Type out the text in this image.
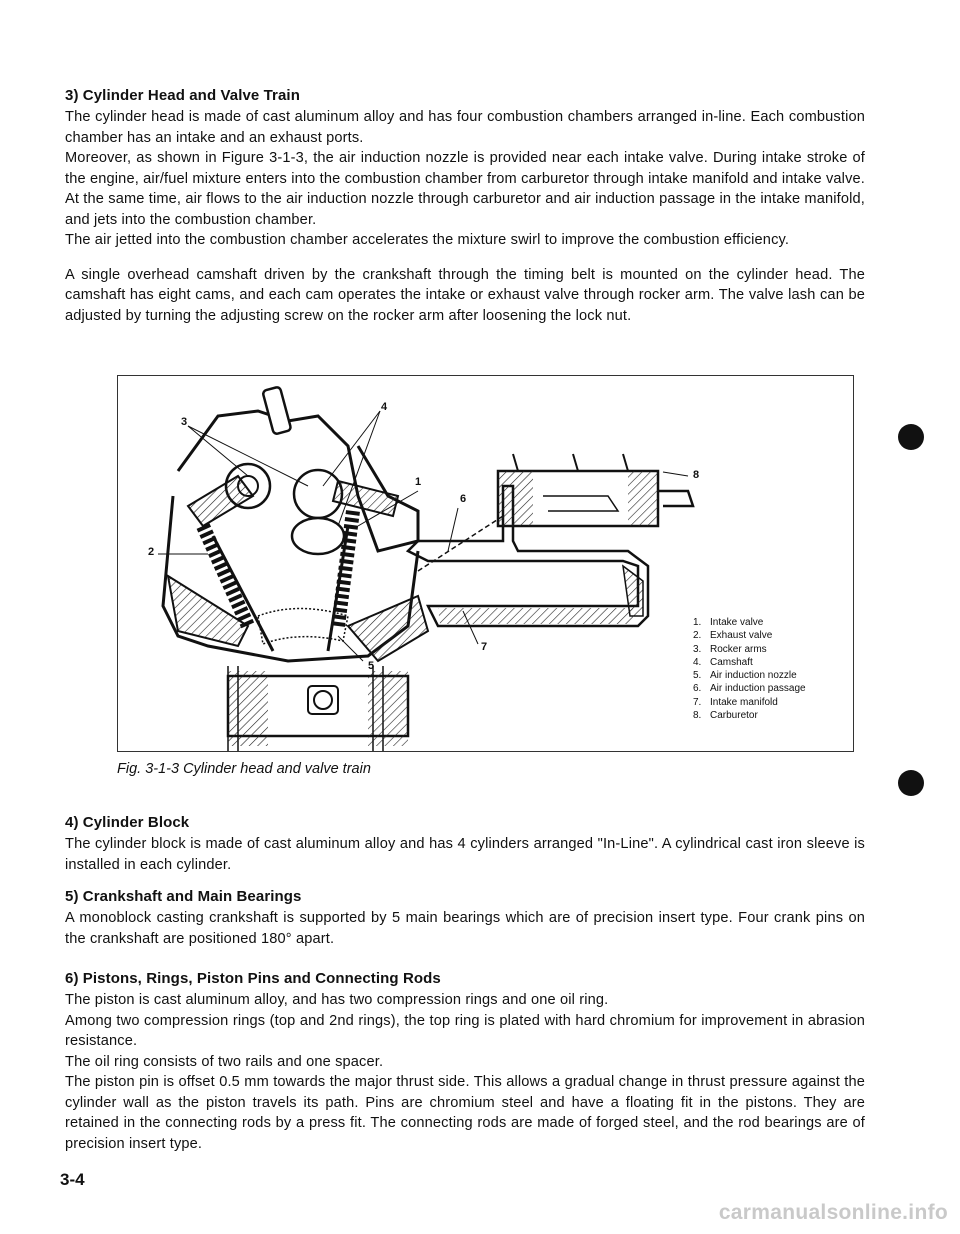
3) Cylinder Head and Valve Train

The cylinder head is made of cast aluminum alloy and has four combustion chambers arranged in-line. Each combustion chamber has an intake and an exhaust ports.

Moreover, as shown in Figure 3-1-3, the air induction nozzle is provided near each intake valve. During intake stroke of the engine, air/fuel mixture enters into the combustion chamber from carburetor through intake manifold and intake valve. At the same time, air flows to the air induction nozzle through carburetor and air induction passage in the intake manifold, and jets into the combustion chamber.

The air jetted into the combustion chamber accelerates the mixture swirl to improve the combustion efficiency.

A single overhead camshaft driven by the crankshaft through the timing belt is mounted on the cylinder head. The camshaft has eight cams, and each cam operates the intake or exhaust valve through rocker arm. The valve lash can be adjusted by turning the adjusting screw on the rocker arm after loosening the lock nut.

1
2
3
4
5
6
7
8
1. Intake valve
2. Exhaust valve
3. Rocker arms
4. Camshaft
5. Air induction nozzle
6. Air induction passage
7. Intake manifold
8. Carburetor
Fig. 3-1-3 Cylinder head and valve train
4) Cylinder Block

The cylinder block is made of cast aluminum alloy and has 4 cylinders arranged "In-Line". A cylindrical cast iron sleeve is installed in each cylinder.

5) Crankshaft and Main Bearings

A monoblock casting crankshaft is supported by 5 main bearings which are of precision insert type. Four crank pins on the crankshaft are positioned 180° apart.

6) Pistons, Rings, Piston Pins and Connecting Rods

The piston is cast aluminum alloy, and has two compression rings and one oil ring.

Among two compression rings (top and 2nd rings), the top ring is plated with hard chromium for improvement in abrasion resistance.

The oil ring consists of two rails and one spacer.

The piston pin is offset 0.5 mm towards the major thrust side. This allows a gradual change in thrust pressure against the cylinder wall as the piston travels its path. Pins are chromium steel and have a floating fit in the pistons. They are retained in the connecting rods by a press fit. The connecting rods are made of forged steel, and the rod bearings are of precision insert type.

3-4
carmanualsonline.info
